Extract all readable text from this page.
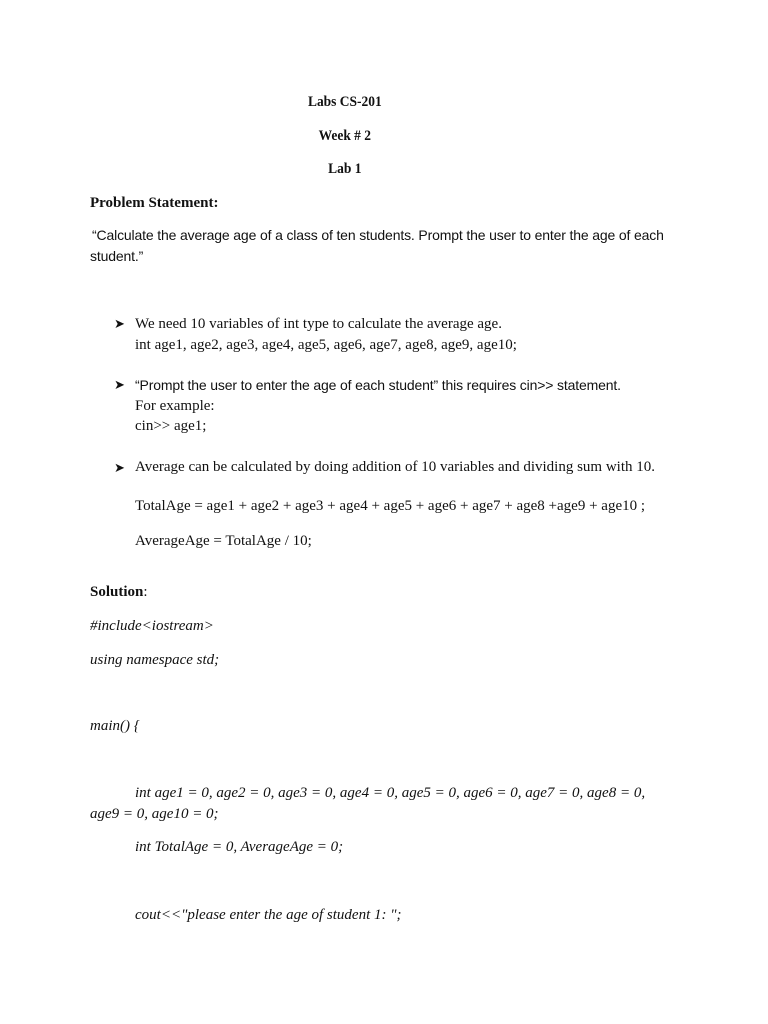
Labs CS-201
Week # 2
Lab 1
Problem Statement:
“Calculate the average age of a class of ten students. Prompt the user to enter the age of each
student.”
➤ We need 10 variables of int type to calculate the average age.
int age1, age2, age3, age4, age5, age6, age7, age8, age9, age10;
➤ “Prompt the user to enter the age of each student” this requires cin>> statement.
For example:
cin>> age1;
➤ Average can be calculated by doing addition of 10 variables and dividing sum with 10.
TotalAge = age1 + age2 + age3 + age4 + age5 + age6 + age7 + age8 +age9 + age10 ;
AverageAge = TotalAge / 10;
Solution:
#include<iostream>
using namespace std;
main() {
int age1 = 0, age2 = 0, age3 = 0, age4 = 0, age5 = 0, age6 = 0, age7 = 0, age8 = 0,
age9 = 0, age10 = 0;
int TotalAge = 0, AverageAge = 0;
cout<<"please enter the age of student 1: ";
